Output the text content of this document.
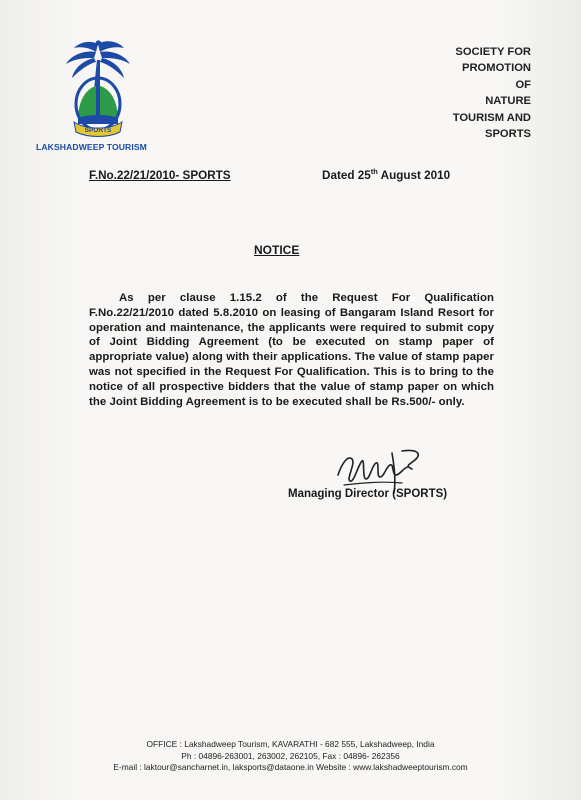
SPORTS
LAKSHADWEEP TOURISM
SOCIETY FOR
PROMOTION
OF
NATURE
TOURISM AND
SPORTS
F.No.22/21/2010- SPORTS	Dated 25th August 2010
NOTICE
As per clause 1.15.2 of the Request For Qualification F.No.22/21/2010 dated 5.8.2010 on leasing of Bangaram Island Resort for operation and maintenance, the applicants were required to submit copy of Joint Bidding Agreement (to be executed on stamp paper of appropriate value) along with their applications. The value of stamp paper was not specified in the Request For Qualification. This is to bring to the notice of all prospective bidders that the value of stamp paper on which the Joint Bidding Agreement is to be executed shall be Rs.500/- only.
Managing Director (SPORTS)
OFFICE : Lakshadweep Tourism, KAVARATHI - 682 555, Lakshadweep, India
Ph : 04896-263001, 263002, 262105, Fax : 04896- 262356
E-mail : laktour@sancharnet.in, laksports@dataone.in Website : www.lakshadweeptourism.com
